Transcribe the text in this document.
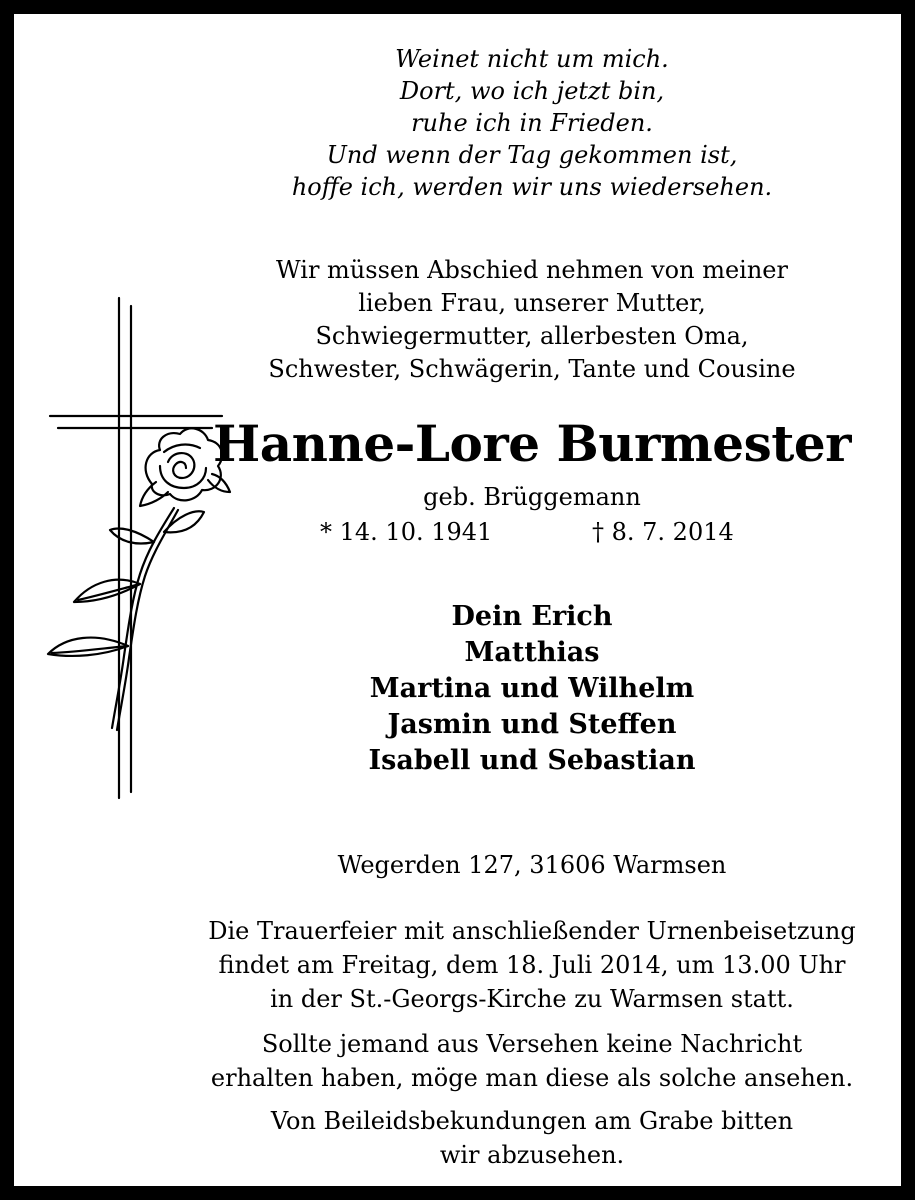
Weinet nicht um mich.
Dort, wo ich jetzt bin,
ruhe ich in Frieden.
Und wenn der Tag gekommen ist,
hoffe ich, werden wir uns wiedersehen.
Wir müssen Abschied nehmen von meiner
lieben Frau, unserer Mutter,
Schwiegermutter, allerbesten Oma,
Schwester, Schwägerin, Tante und Cousine
Hanne-Lore Burmester
geb. Brüggemann
* 14. 10. 1941	† 8. 7. 2014
Dein Erich
Matthias
Martina und Wilhelm
Jasmin und Steffen
Isabell und Sebastian
Wegerden 127, 31606 Warmsen
Die Trauerfeier mit anschließender Urnenbeisetzung
findet am Freitag, dem 18. Juli 2014, um 13.00 Uhr
in der St.-Georgs-Kirche zu Warmsen statt.
Sollte jemand aus Versehen keine Nachricht
erhalten haben, möge man diese als solche ansehen.
Von Beileidsbekundungen am Grabe bitten
wir abzusehen.
